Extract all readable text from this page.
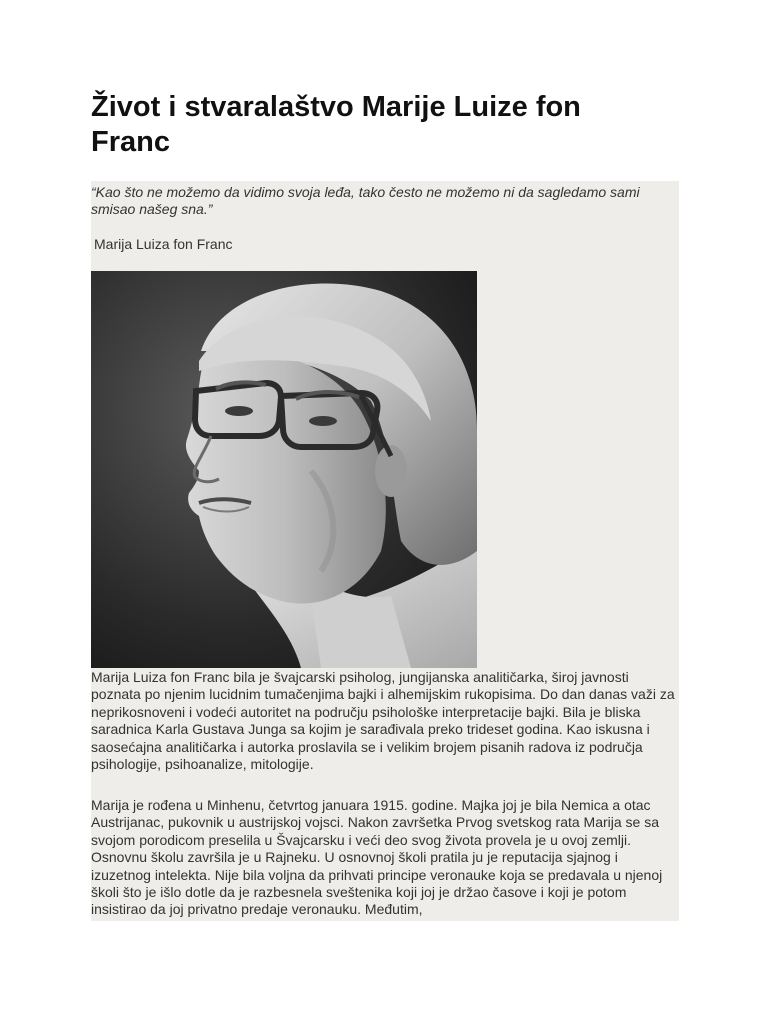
Život i stvaralaštvo Marije Luize fon Franc

“Kao što ne možemo da vidimo svoja leđa, tako često ne možemo ni da sagledamo sami smisao našeg sna.”

Marija Luiza fon Franc

Marija Luiza fon Franc bila je švajcarski psiholog, jungijanska analitičarka, široj javnosti poznata po njenim lucidnim tumačenjima bajki i alhemijskim rukopisima. Do dan danas važi za neprikosnoveni i vodeći autoritet na području psihološke interpretacije bajki. Bila je bliska saradnica Karla Gustava Junga sa kojim je sarađivala preko trideset godina. Kao iskusna i saosećajna analitičarka i autorka proslavila se i velikim brojem pisanih radova iz područja psihologije, psihoanalize, mitologije.

Marija je rođena u Minhenu, četvrtog januara 1915. godine. Majka joj je bila Nemica a otac Austrijanac, pukovnik u austrijskoj vojsci. Nakon završetka Prvog svetskog rata Marija se sa svojom porodicom preselila u Švajcarsku i veći deo svog života provela je u ovoj zemlji. Osnovnu školu završila je u Rajneku. U osnovnoj školi pratila ju je reputacija sjajnog i izuzetnog intelekta. Nije bila voljna da prihvati principe veronauke koja se predavala u njenoj školi što je išlo dotle da je razbesnela sveštenika koji joj je držao časove i koji je potom insistirao da joj privatno predaje veronauku. Međutim,
